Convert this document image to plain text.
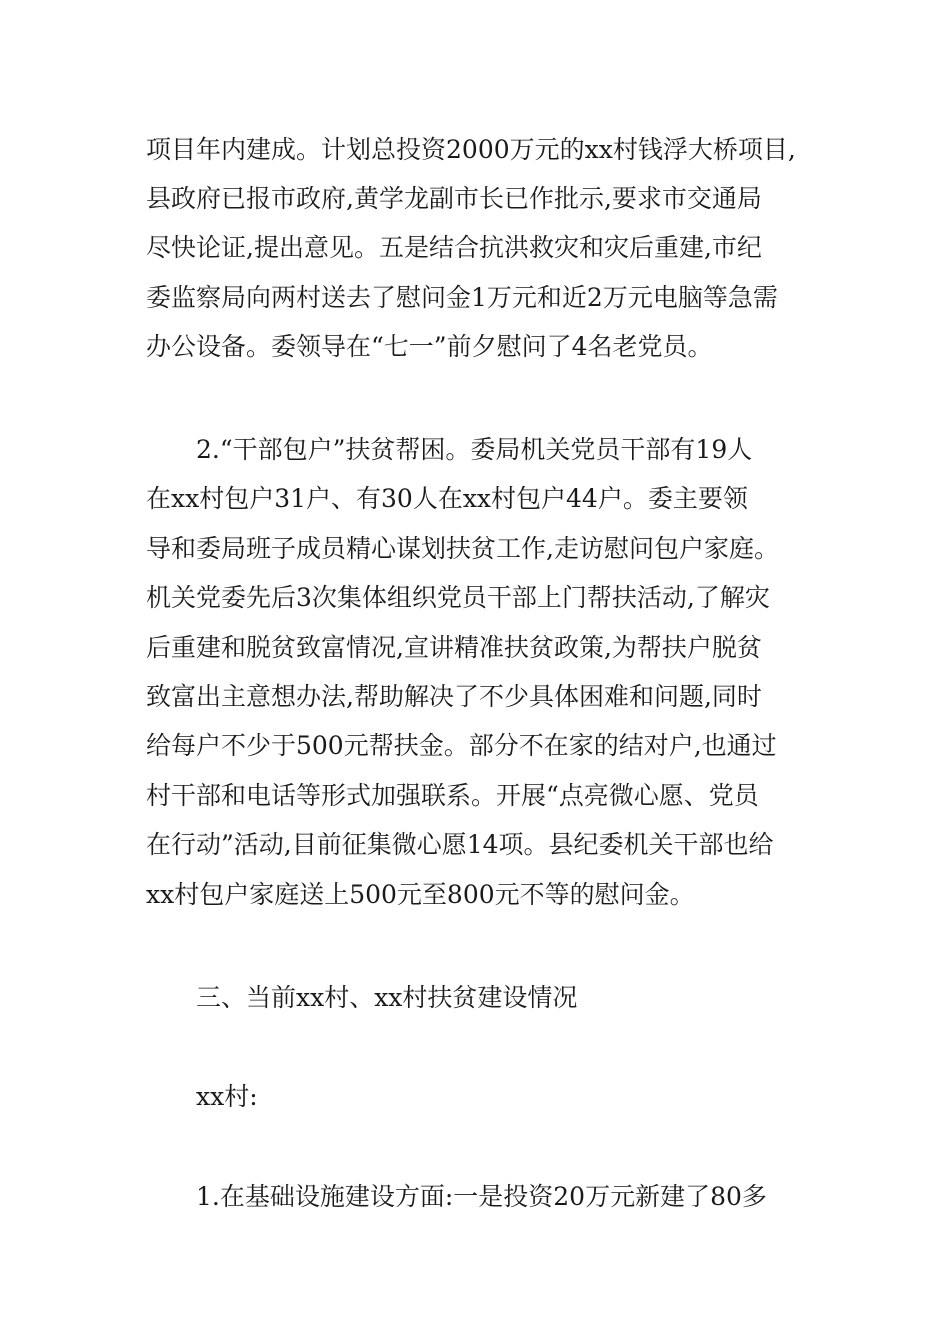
项目年内建成。计划总投资2000万元的xx村钱浮大桥项目,
县政府已报市政府,黄学龙副市长已作批示,要求市交通局
尽快论证,提出意见。五是结合抗洪救灾和灾后重建,市纪
委监察局向两村送去了慰问金1万元和近2万元电脑等急需
办公设备。委领导在“七一”前夕慰问了4名老党员。
2.“干部包户”扶贫帮困。委局机关党员干部有19人
在xx村包户31户、有30人在xx村包户44户。委主要领
导和委局班子成员精心谋划扶贫工作,走访慰问包户家庭。
机关党委先后3次集体组织党员干部上门帮扶活动,了解灾
后重建和脱贫致富情况,宣讲精准扶贫政策,为帮扶户脱贫
致富出主意想办法,帮助解决了不少具体困难和问题,同时
给每户不少于500元帮扶金。部分不在家的结对户,也通过
村干部和电话等形式加强联系。开展“点亮微心愿、党员
在行动”活动,目前征集微心愿14项。县纪委机关干部也给
xx村包户家庭送上500元至800元不等的慰问金。
三、当前xx村、xx村扶贫建设情况
xx村:
1.在基础设施建设方面:一是投资20万元新建了80多
